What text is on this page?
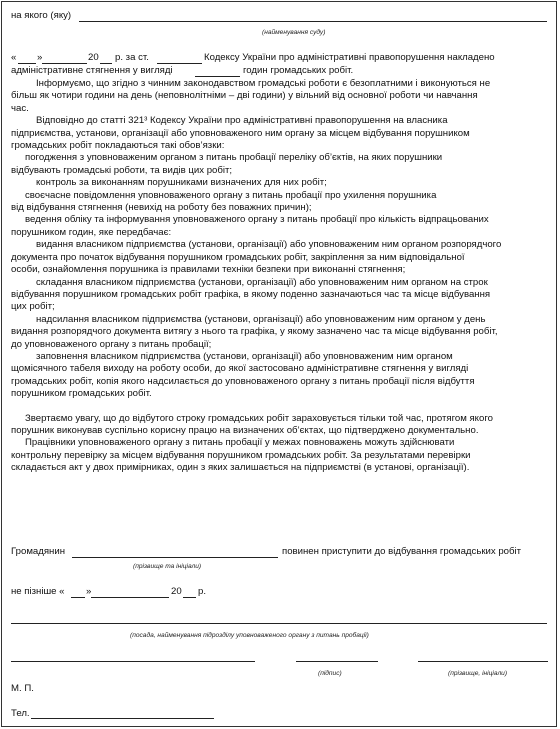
на якого (яку)
(найменування суду)
« »	20 р. за ст.	Кодексу України про адміністративні правопорушення накладено
адміністративне стягнення у вигляді	годин громадських робіт.

Інформуємо, що згідно з чинним законодавством громадські роботи є безоплатними і виконуються не

більш як чотири години на день (неповнолітніми – дві години) у вільний від основної роботи чи навчання

час.

Відповідно до статті 321³ Кодексу України про адміністративні правопорушення на власника

підприємства, установи, організації або уповноваженого ним органу за місцем відбування порушником

громадських робіт покладаються такі обов’язки:

погодження з уповноваженим органом з питань пробації переліку об’єктів, на яких порушники

відбувають громадські роботи, та видів цих робіт;

контроль за виконанням порушниками визначених для них робіт;

своєчасне повідомлення уповноваженого органу з питань пробації про ухилення порушника

від відбування стягнення (невихід на роботу без поважних причин);

ведення обліку та інформування уповноваженого органу з питань пробації про кількість відпрацьованих

порушником годин, яке передбачає:

видання власником підприємства (установи, організації) або уповноваженим ним органом розпорядчого

документа про початок відбування порушником громадських робіт, закріплення за ним відповідальної

особи, ознайомлення порушника із правилами техніки безпеки при виконанні стягнення;

складання власником підприємства (установи, організації) або уповноваженим ним органом на строк

відбування порушником громадських робіт графіка, в якому поденно зазначаються час та місце відбування

цих робіт;

надсилання власником підприємства (установи, організації) або уповноваженим ним органом у день

видання розпорядчого документа витягу з нього та графіка, у якому зазначено час та місце відбування робіт,

до уповноваженого органу з питань пробації;

заповнення власником підприємства (установи, організації) або уповноваженим ним органом

щомісячного табеля виходу на роботу особи, до якої застосовано адміністративне стягнення у вигляді

громадських робіт, копія якого надсилається до уповноваженого органу з питань пробації після відбуття

порушником громадських робіт.

Звертаємо увагу, що до відбутого строку громадських робіт зараховується тільки той час, протягом якого

порушник виконував суспільно корисну працю на визначених об’єктах, що підтверджено документально.

Працівники уповноваженого органу з питань пробації у межах повноважень можуть здійснювати

контрольну перевірку за місцем відбування порушником громадських робіт. За результатами перевірки

складається акт у двох примірниках, один з яких залишається на підприємстві (в установі, організації).

Громадянин	повинен приступити до відбування громадських робіт
(прізвище та ініціали)
не пізніше « »	20 р.
(посада, найменування підрозділу уповноваженого органу з питань пробації)
(підпис)	(прізвище, ініціали)
М. П.
Тел.
